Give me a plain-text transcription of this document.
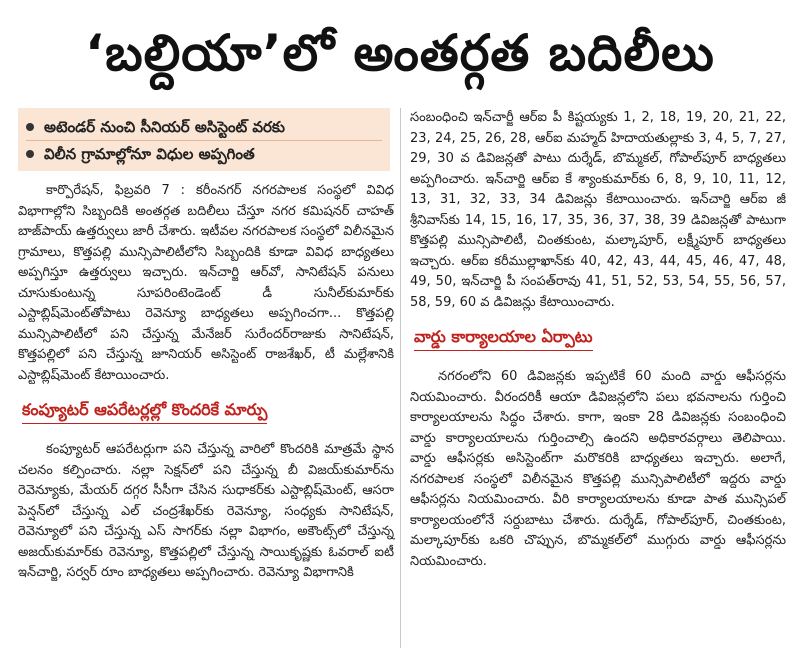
‘బల్దియా’లో అంతర్గత బదిలీలు
అటెండర్ నుంచి సీనియర్ అసిస్టెంట్ వరకు
విలీన గ్రామాల్లోనూ విధుల అప్పగింత

కార్పొరేషన్, ఫిబ్రవరి 7 : కరీంనగర్ నగరపాలక సంస్థలో వివిధ విభాగాల్లోని సిబ్బందికి అంతర్గత బదిలీలు చేస్తూ నగర కమిషనర్ చాహత్ బాజ్‌పాయ్ ఉత్తర్వులు జారీ చేశారు. ఇటీవల నగరపాలక సంస్థలో విలీనమైన గ్రామాలు, కొత్తపల్లి మున్సిపాలిటీలోని సిబ్బందికి కూడా వివిధ బాధ్యతలు అప్పగిస్తూ ఉత్తర్వులు ఇచ్చారు. ఇన్‌చార్జి ఆర్‌వో, సానిటేషన్ పనులు చూసుకుంటున్న సూపరింటెండెంట్ డీ సునీల్‌కుమార్‌కు ఎస్టాబ్లిష్‌మెంట్‌తోపాటు రెవెన్యూ బాధ్యతలు అప్పగించగా... కొత్తపల్లి మున్సిపాలిటీలో పని చేస్తున్న మేనేజర్ సురేందర్‌రాజుకు సానిటేషన్, కొత్తపల్లిలో పని చేస్తున్న జూనియర్ అసిస్టెంట్ రాజశేఖర్, టీ మల్లేశానికి ఎస్టాబ్లిష్‌మెంట్ కేటాయించారు.

కంప్యూటర్ ఆపరేటర్లల్లో కొందరికే మార్పు

కంప్యూటర్ ఆపరేటర్లుగా పని చేస్తున్న వారిలో కొందరికి మాత్రమే స్థాన చలనం కల్పించారు. నల్లా సెక్షన్‌లో పని చేస్తున్న బీ విజయ్‌కుమార్‌ను రెవెన్యూకు, మేయర్ దగ్గర సీసీగా చేసిన సుధాకర్‌కు ఎస్టాబ్లిష్‌మెంట్, ఆసరా పెన్షన్‌లో చేస్తున్న ఎల్ చంద్రశేఖర్‌కు రెవెన్యూ, సంధ్యకు సానిటేషన్, రెవెన్యూలో పని చేస్తున్న ఎస్ సాగర్‌కు నల్లా విభాగం, అకౌంట్స్‌లో చేస్తున్న అజయ్‌కుమార్‌కు రెవెన్యూ, కొత్తపల్లిలో చేస్తున్న సాయికృష్ణకు ఓవరాల్ ఐటీ ఇన్‌చార్జి, సర్వర్ రూం బాధ్యతలు అప్పగించారు. రెవెన్యూ విభాగానికి

సంబంధించి ఇన్‌చార్జీ ఆర్‌ఐ పీ కిష్టయ్యకు 1, 2, 18, 19, 20, 21, 22, 23, 24, 25, 26, 28, ఆర్‌ఐ మహ్మద్ హిదాయతుల్లాకు 3, 4, 5, 7, 27, 29, 30 వ డివిజన్లతో పాటు దుర్శేడ్, బొమ్మకల్, గోపాల్‌పూర్ బాధ్యతలు అప్పగించారు. ఇన్‌చార్జి ఆర్‌ఐ కే శ్యాంకుమార్‌కు 6, 8, 9, 10, 11, 12, 13, 31, 32, 33, 34 డివిజన్లు కేటాయించారు. ఇన్‌చార్జి ఆర్‌ఐ జీ శ్రీనివాస్‌కు 14, 15, 16, 17, 35, 36, 37, 38, 39 డివిజన్లతో పాటుగా కొత్తపల్లి మున్సిపాలిటీ, చింతకుంట, మల్కాపూర్, లక్ష్మీపూర్ బాధ్యతలు ఇచ్చారు. ఆర్‌ఐ కరీముల్లాఖాన్‌కు 40, 42, 43, 44, 45, 46, 47, 48, 49, 50, ఇన్‌చార్జి పీ సంపత్‌రావు 41, 51, 52, 53, 54, 55, 56, 57, 58, 59, 60 వ డివిజన్లు కేటాయించారు.

వార్డు కార్యాలయాల ఏర్పాటు

నగరంలోని 60 డివిజన్లకు ఇప్పటికే 60 మంది వార్డు ఆఫీసర్లను నియమించారు. వీరందరికీ ఆయా డివిజన్లలోని పలు భవనాలను గుర్తించి కార్యాలయాలను సిద్ధం చేశారు. కాగా, ఇంకా 28 డివిజన్లకు సంబంధించి వార్డు కార్యాలయాలను గుర్తించాల్సి ఉందని అధికారవర్గాలు తెలిపాయి. వార్డు ఆఫీసర్లకు అసిస్టెంట్‌గా మరొకరికి బాధ్యతలు ఇచ్చారు. అలాగే, నగరపాలక సంస్థలో విలీనమైన కొత్తపల్లి మున్సిపాలిటీలో ఇద్దరు వార్డు ఆఫీసర్లను నియమించారు. వీరి కార్యాలయాలను కూడా పాత మున్సిపల్ కార్యాలయంలోనే సర్దుబాటు చేశారు. దుర్శేడ్, గోపాల్‌పూర్, చింతకుంట, మల్కాపూర్‌కు ఒకరి చొప్పున, బొమ్మకల్‌లో ముగ్గురు వార్డు ఆఫీసర్లను నియమించారు.
